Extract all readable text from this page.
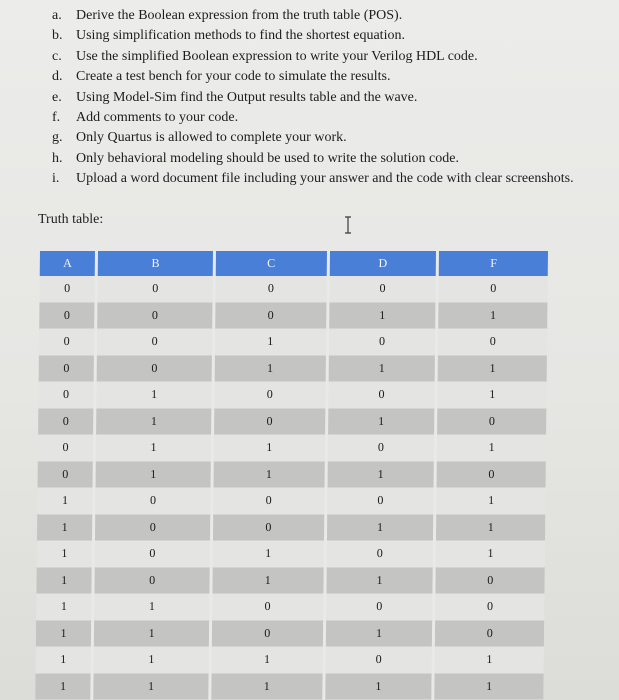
a.	Derive the Boolean expression from the truth table (POS).
b. Using simplification methods to find the shortest equation.
c.	Use the simplified Boolean expression to write your Verilog HDL code.
d. Create a test bench for your code to simulate the results.
e.	Using Model-Sim find the Output results table and the wave.
f.	Add comments to your code.
g. Only Quartus is allowed to complete your work.
h. Only behavioral modeling should be used to write the solution code.
i.	Upload a word document file including your answer and the code with clear screenshots.
Truth table:
A	B	C	D	F
0	0	0	0	0
0	0	0	1	1
0	0	1	0	0
0	0	1	1	1
0	1	0	0	1
0	1	0	1	0
0	1	1	0	1
0	1	1	1	0
1	0	0	0	1
1	0	0	1	1
1	0	1	0	1
1	0	1	1	0
1	1	0	0	0
1	1	0	1	0
1	1	1	0	1
1	1	1	1	1
